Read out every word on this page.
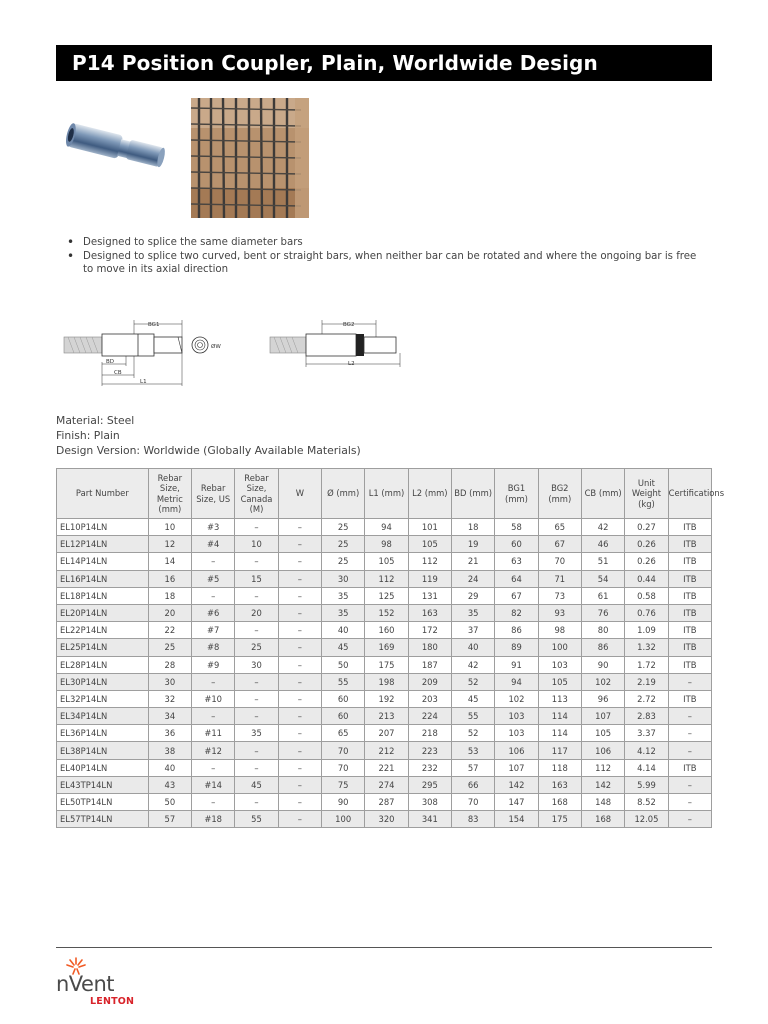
P14 Position Coupler, Plain, Worldwide Design
• Designed to splice the same diameter bars
• Designed to splice two curved, bent or straight bars, when neither bar can be rotated and where the ongoing bar is free to move in its axial direction
BG1
BD
CB
L1
ØW
BG2
L2
Material: Steel
Finish: Plain
Design Version: Worldwide (Globally Available Materials)
Part Number	Rebar Size, Metric (mm)	Rebar Size, US	Rebar Size, Canada (M)	W	Ø (mm)	L1 (mm)	L2 (mm)	BD (mm)	BG1 (mm)	BG2 (mm)	CB (mm)	Unit Weight (kg)	Certifications
EL10P14LN	10	#3	–	–	25	94	101	18	58	65	42	0.27	ITB
EL12P14LN	12	#4	10	–	25	98	105	19	60	67	46	0.26	ITB
EL14P14LN	14	–	–	–	25	105	112	21	63	70	51	0.26	ITB
EL16P14LN	16	#5	15	–	30	112	119	24	64	71	54	0.44	ITB
EL18P14LN	18	–	–	–	35	125	131	29	67	73	61	0.58	ITB
EL20P14LN	20	#6	20	–	35	152	163	35	82	93	76	0.76	ITB
EL22P14LN	22	#7	–	–	40	160	172	37	86	98	80	1.09	ITB
EL25P14LN	25	#8	25	–	45	169	180	40	89	100	86	1.32	ITB
EL28P14LN	28	#9	30	–	50	175	187	42	91	103	90	1.72	ITB
EL30P14LN	30	–	–	–	55	198	209	52	94	105	102	2.19	–
EL32P14LN	32	#10	–	–	60	192	203	45	102	113	96	2.72	ITB
EL34P14LN	34	–	–	–	60	213	224	55	103	114	107	2.83	–
EL36P14LN	36	#11	35	–	65	207	218	52	103	114	105	3.37	–
EL38P14LN	38	#12	–	–	70	212	223	53	106	117	106	4.12	–
EL40P14LN	40	–	–	–	70	221	232	57	107	118	112	4.14	ITB
EL43TP14LN	43	#14	45	–	75	274	295	66	142	163	142	5.99	–
EL50TP14LN	50	–	–	–	90	287	308	70	147	168	148	8.52	–
EL57TP14LN	57	#18	55	–	100	320	341	83	154	175	168	12.05	–
nVent
LENTON
